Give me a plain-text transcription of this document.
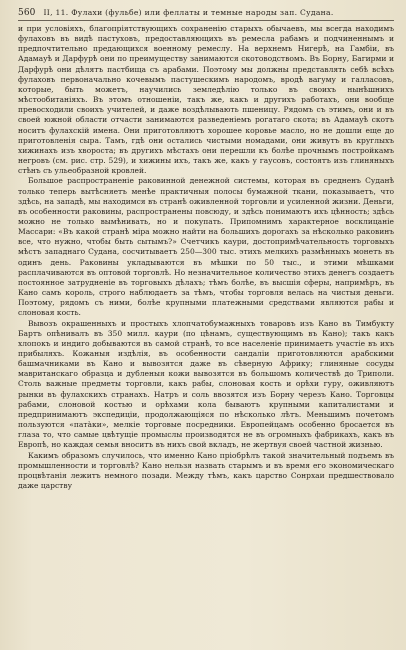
560 II, 11. Фулахи (фульбе) или феллаты и темные народы зап. Судана.

и при условіяхъ, благопріятствующихъ сохраненію старыхъ обычаевъ, мы всегда находимъ фулаховъ въ видѣ пастуховъ, предоставляющихъ въ ремесла рабамъ и подчиненнымъ и предпочтительно предающихся военному ремеслу. На верхнемъ Нигерѣ, на Гамбіи, въ Адамауѣ и Дарфурѣ они по преимуществу занимаются скотоводствомъ. Въ Борну, Багирми и Дарфурѣ они дѣлятъ пастбища съ арабами. Поэтому мы должны представлять себѣ всѣхъ фулаховъ первоначально кочевымъ пастушескимъ народомъ, вродѣ вагуму и галласовъ, которые, быть можетъ, научились земледѣлію только въ своихъ нынѣшнихъ мѣстообитаніяхъ. Въ этомъ отношеніи, такъ же, какъ и другихъ работахъ, они вообще превосходили своихъ учителей, и даже воздѣлывають пшеницу. Рядомъ съ этимъ, они и въ своей южной области отчасти занимаются разведеніемъ рогатаго скота; въ Адамауѣ скотъ носитъ фулахскій имена. Они приготовляютъ хорошее коровье масло, но не дошли еще до приготовленія сыра. Тамъ, гдѣ они остались чистыми номадами, они живутъ въ круглыхъ хижинахъ изъ хвороста; въ другихъ мѣстахъ они перешли къ болѣе прочнымъ постройкамъ негровъ (см. рис. стр. 529), и хижины ихъ, такъ же, какъ у гаусовъ, состоятъ изъ глиняныхъ стѣнъ съ ульеобразной кровлей.

Большое распространеніе раковинной денежной системы, которая въ средненъ Суданѣ только теперь вытѣсняетъ менѣе практичныя полосы бумажной ткани, показываетъ, что здѣсь, на западѣ, мы находимся въ странѣ оживленной торговли и усиленной жизни. Деньги, въ особенности раковины, распространены повсюду, и здѣсь понимаютъ ихъ цѣнность; здѣсь можно не только вымѣнивать, но и покупать. Припомнимъ характерное восклицаніе Массари: «Въ какой странѣ міра можно найти на большихъ дорогахъ за нѣсколько раковинъ все, что нужно, чтобы быть сытымъ?» Счетчикъ каури, достопримѣчательность торговыхъ мѣстъ западнаго Судана, сосчитываетъ 250—300 тыс. этихъ мелкихъ размѣнныхъ монетъ въ одинъ день. Раковины укладываются въ мѣшки по 50 тыс., и этими мѣшками расплачиваются въ оптовой торговлѣ. Но незначительное количество этихъ денегъ создаетъ постоянное затрудненіе въ торговыхъ дѣлахъ; тѣмъ болѣе, въ высшія сферы, напримѣръ, въ Кано самъ король, строго наблюдаетъ за тѣмъ, чтобы торговля велась на чистыя деньги. Поэтому, рядомъ съ ними, болѣе крупными платежными средствами являются рабы и слоновая кость.

Вывозъ окрашенныхъ и простыхъ хлопчатобумажныхъ товаровъ изъ Кано въ Тимбукту Бартъ опѣнивалъ въ 350 милл. каури (по цѣнамъ, существующимъ въ Кано); такъ какъ хлопокъ и индиго добываются въ самой странѣ, то все населеніе принимаетъ участіе въ ихъ прибыляхъ. Кожаныя издѣлія, въ особенности сандаліи приготовляются арабскими башмачниками въ Кано и вывозятся даже въ сѣверную Африку; глиняные сосуды мавританскаго образца и дубленыя кожи вывозятся въ большомъ количествѣ до Триполи. Столь важные предметы торговли, какъ рабы, слоновая кость и орѣхи гуру, оживляютъ рынки въ фулахскихъ странахъ. Натръ и соль ввозятся изъ Борну черезъ Кано. Торговцы рабами, слоновой костью и орѣхами кола бываютъ крупными капиталистами и предпринимаютъ экспедиціи, продолжающіяся по нѣсколько лѣтъ. Меньшимъ почетомъ пользуются «пата̀ки», мелкіе торговые посредники. Европейцамъ особенно бросается въ глаза то, что самые цвѣтущіе промыслы производятся не въ огромныхъ фабрикахъ, какъ въ Европѣ, но каждая семья вноситъ въ нихъ свой вкладъ, не жертвуя своей частной жизнью.

Какимъ образомъ случилось, что именно Кано пріобрѣлъ такой значительный подъемъ въ промышленности и торговлѣ? Кано нельзя назвать старымъ и въ время его экономическаго процвѣтанія лежитъ немного позади. Между тѣмъ, какъ царство Сонрхаи предшествовало даже царству
